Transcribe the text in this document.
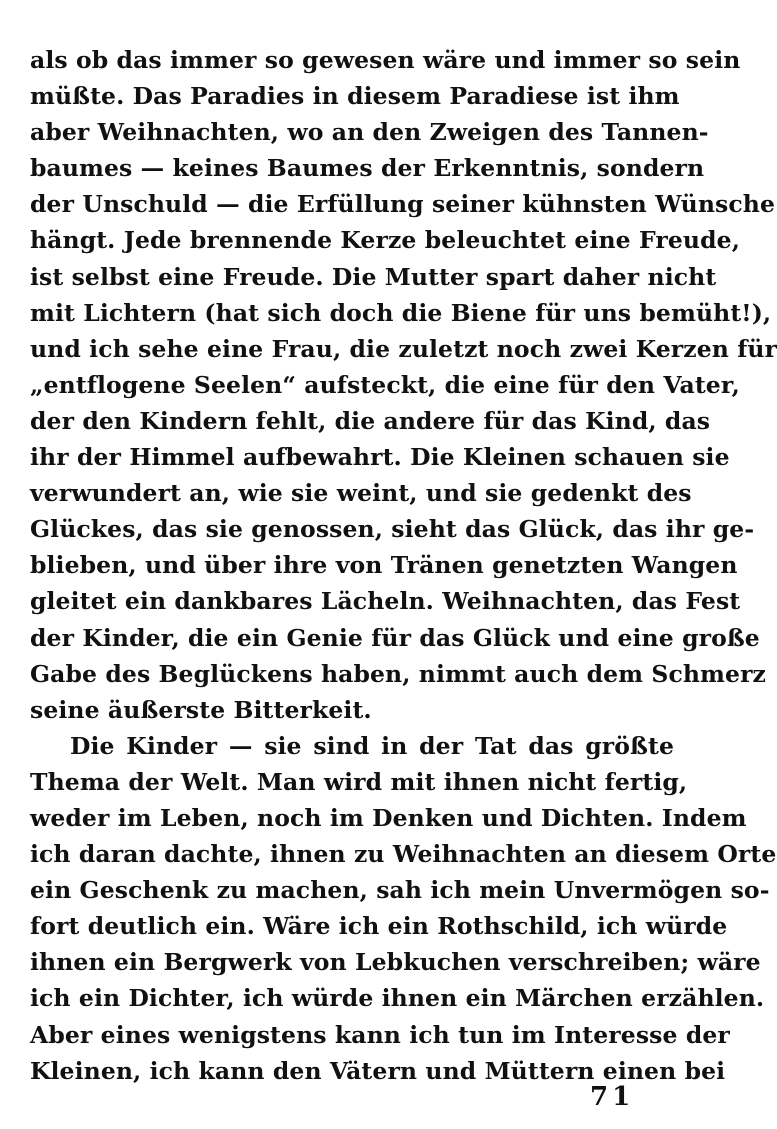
als ob das immer so gewesen wäre und immer so sein
müßte. Das Paradies in diesem Paradiese ist ihm
aber Weihnachten, wo an den Zweigen des Tannen-
baumes — keines Baumes der Erkenntnis, sondern
der Unschuld — die Erfüllung seiner kühnsten Wünsche
hängt. Jede brennende Kerze beleuchtet eine Freude,
ist selbst eine Freude. Die Mutter spart daher nicht
mit Lichtern (hat sich doch die Biene für uns bemüht!),
und ich sehe eine Frau, die zuletzt noch zwei Kerzen für
„entflogene Seelen“ aufsteckt, die eine für den Vater,
der den Kindern fehlt, die andere für das Kind, das
ihr der Himmel aufbewahrt. Die Kleinen schauen sie
verwundert an, wie sie weint, und sie gedenkt des
Glückes, das sie genossen, sieht das Glück, das ihr ge-
blieben, und über ihre von Tränen genetzten Wangen
gleitet ein dankbares Lächeln. Weihnachten, das Fest
der Kinder, die ein Genie für das Glück und eine große
Gabe des Beglückens haben, nimmt auch dem Schmerz
seine äußerste Bitterkeit.
Die Kinder — sie sind in der Tat das größte
Thema der Welt. Man wird mit ihnen nicht fertig,
weder im Leben, noch im Denken und Dichten. Indem
ich daran dachte, ihnen zu Weihnachten an diesem Orte
ein Geschenk zu machen, sah ich mein Unvermögen so-
fort deutlich ein. Wäre ich ein Rothschild, ich würde
ihnen ein Bergwerk von Lebkuchen verschreiben; wäre
ich ein Dichter, ich würde ihnen ein Märchen erzählen.
Aber eines wenigstens kann ich tun im Interesse der
Kleinen, ich kann den Vätern und Müttern einen bei
71
